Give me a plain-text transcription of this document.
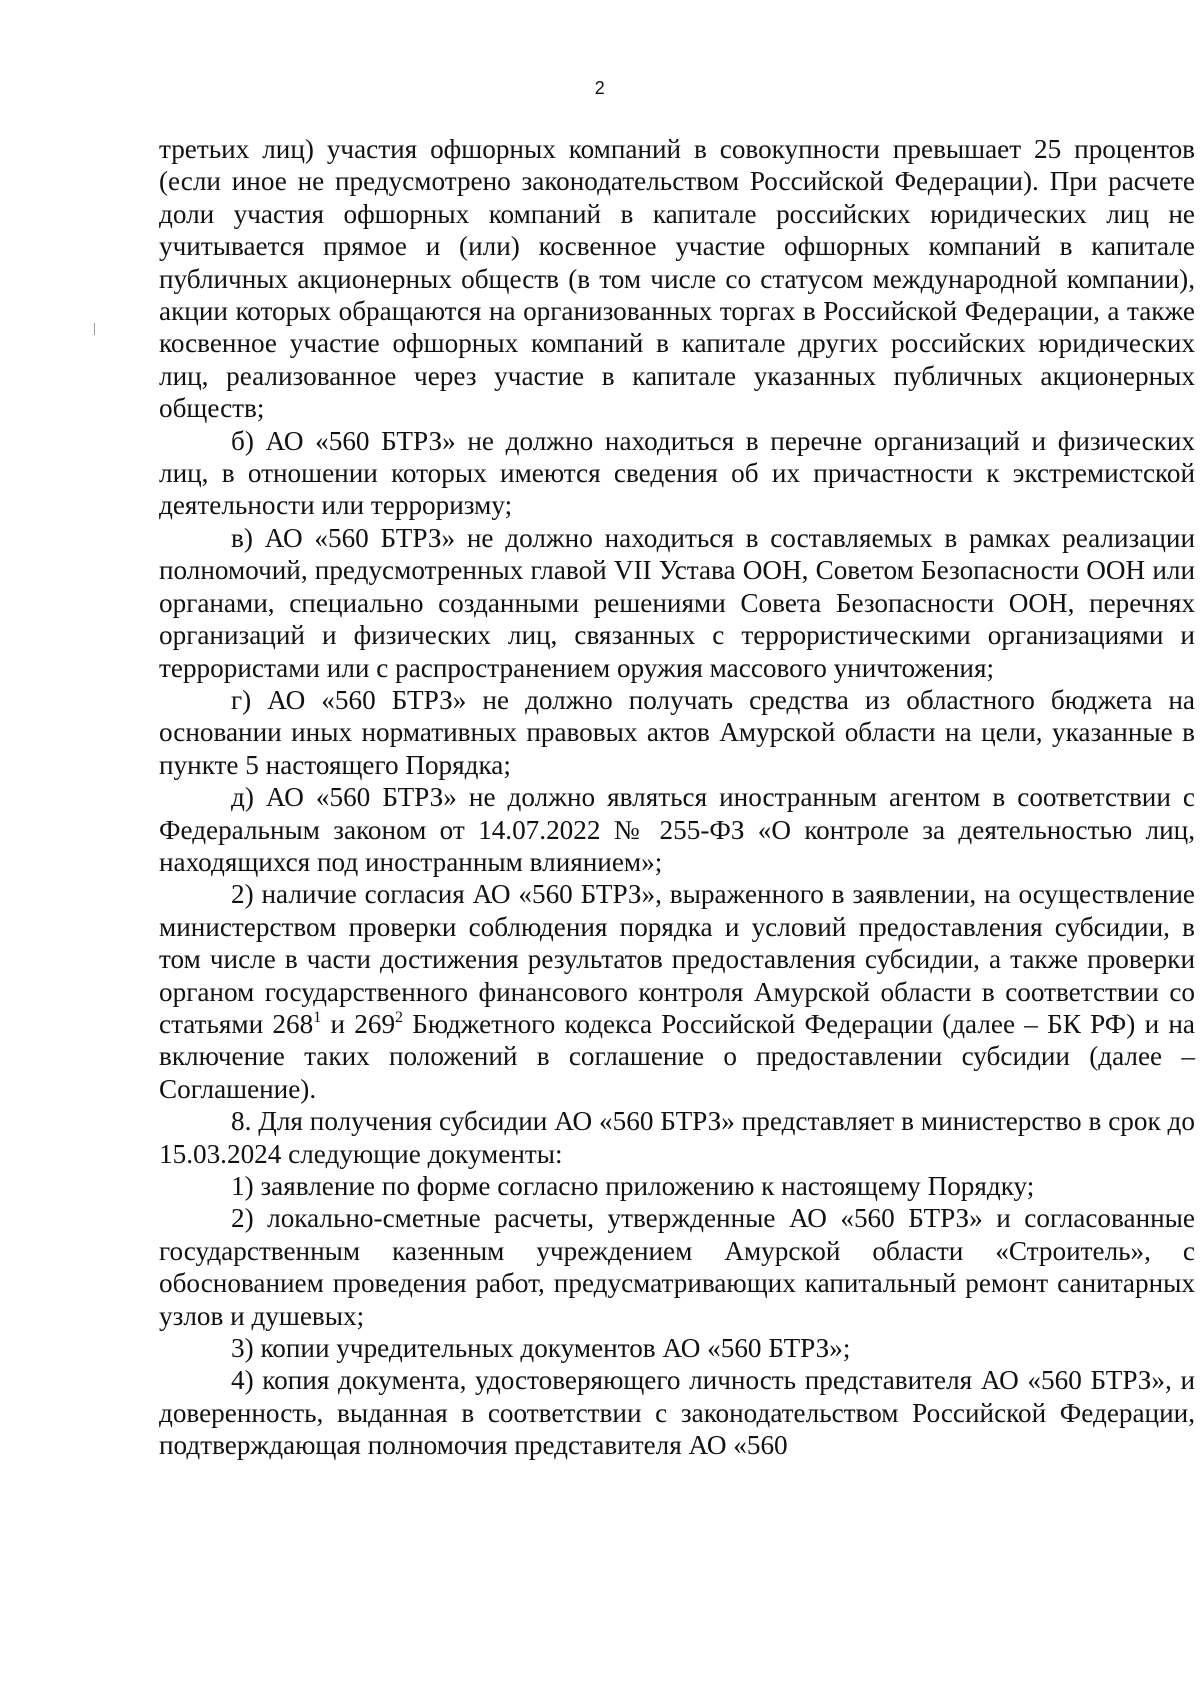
2

третьих лиц) участия офшорных компаний в совокупности превышает 25 процентов (если иное не предусмотрено законодательством Российской Федерации). При расчете доли участия офшорных компаний в капитале российских юридических лиц не учитывается прямое и (или) косвенное участие офшорных компаний в капитале публичных акционерных обществ (в том числе со статусом международной компании), акции которых обращаются на организованных торгах в Российской Федерации, а также косвенное участие офшорных компаний в капитале других российских юридических лиц, реализованное через участие в капитале указанных публичных акционерных обществ;

б) АО «560 БТРЗ» не должно находиться в перечне организаций и физических лиц, в отношении которых имеются сведения об их причастности к экстремистской деятельности или терроризму;

в) АО «560 БТРЗ» не должно находиться в составляемых в рамках реализации полномочий, предусмотренных главой VII Устава ООН, Советом Безопасности ООН или органами, специально созданными решениями Совета Безопасности ООН, перечнях организаций и физических лиц, связанных с террористическими организациями и террористами или с распространением оружия массового уничтожения;

г) АО «560 БТРЗ» не должно получать средства из областного бюджета на основании иных нормативных правовых актов Амурской области на цели, указанные в пункте 5 настоящего Порядка;

д) АО «560 БТРЗ» не должно являться иностранным агентом в соответствии с Федеральным законом от 14.07.2022 № 255-ФЗ «О контроле за деятельностью лиц, находящихся под иностранным влиянием»;

2) наличие согласия АО «560 БТРЗ», выраженного в заявлении, на осуществление министерством проверки соблюдения порядка и условий предоставления субсидии, в том числе в части достижения результатов предоставления субсидии, а также проверки органом государственного финансового контроля Амурской области в соответствии со статьями $268^1$ и $269^2$ Бюджетного кодекса Российской Федерации (далее – БК РФ) и на включение таких положений в соглашение о предоставлении субсидии (далее – Соглашение).

8. Для получения субсидии АО «560 БТРЗ» представляет в министерство в срок до 15.03.2024 следующие документы:

1) заявление по форме согласно приложению к настоящему Порядку;

2) локально-сметные расчеты, утвержденные АО «560 БТРЗ» и согласованные государственным казенным учреждением Амурской области «Строитель», с обоснованием проведения работ, предусматривающих капитальный ремонт санитарных узлов и душевых;

3) копии учредительных документов АО «560 БТРЗ»;

4) копия документа, удостоверяющего личность представителя АО «560 БТРЗ», и доверенность, выданная в соответствии с законодательством Российской Федерации, подтверждающая полномочия представителя АО «560
